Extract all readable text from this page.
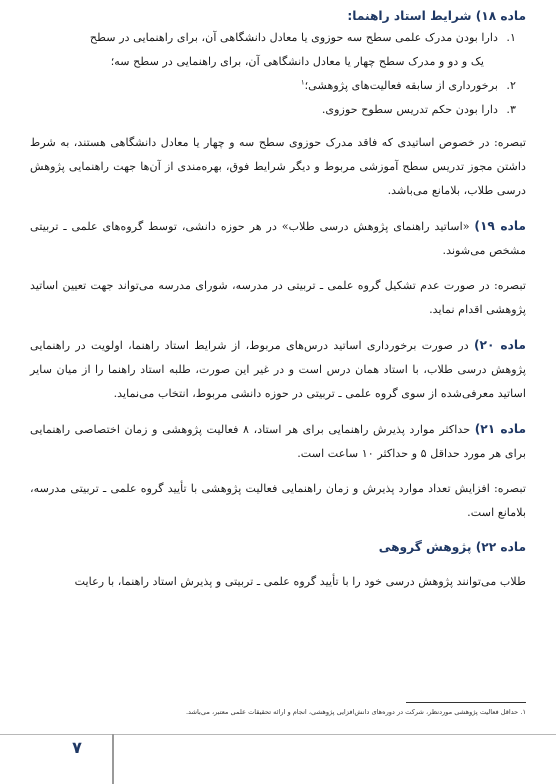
ماده ۱۸) شرایط استاد راهنما:
۱.
دارا بودن مدرک علمی سطح سه حوزوی یا معادل دانشگاهی آن، برای راهنمایی در سطح
یک و دو و مدرک سطح چهار یا معادل دانشگاهی آن، برای راهنمایی در سطح سه؛
۲.
برخورداری از سابقه فعالیت‌های پژوهشی؛$^۱$
۳.
دارا بودن حکم تدریس سطوح حوزوی.

تبصره: در خصوص اساتیدی که فاقد مدرک حوزوی سطح سه و چهار یا معادل دانشگاهی هستند، به شرط داشتن مجوز تدریس سطح آموزشی مربوط و دیگر شرایط فوق، بهره‌مندی از آن‌ها جهت راهنمایی پژوهش درسی طلاب، بلامانع می‌باشد.

ماده ۱۹) «اساتید راهنمای پژوهش درسی طلاب» در هر حوزه دانشی، توسط گروه‌های علمی ـ تربیتی مشخص می‌شوند.

تبصره: در صورت عدم تشکیل گروه علمی ـ تربیتی در مدرسه، شورای مدرسه می‌تواند جهت تعیین اساتید پژوهشی اقدام نماید.

ماده ۲۰) در صورت برخورداری اساتید درس‌های مربوط، از شرایط استاد راهنما، اولویت در راهنمایی پژوهش درسی طلاب، با استاد همان درس است و در غیر این صورت، طلبه استاد راهنما را از میان سایر اساتید معرفی‌شده از سوی گروه علمی ـ تربیتی در حوزه دانشی مربوط، انتخاب می‌نماید.

ماده ۲۱) حداکثر موارد پذیرش راهنمایی برای هر استاد، ۸ فعالیت پژوهشی و زمان اختصاصی راهنمایی برای هر مورد حداقل ۵ و حداکثر ۱۰ ساعت است.

تبصره: افزایش تعداد موارد پذیرش و زمان راهنمایی فعالیت پژوهشی با تأیید گروه علمی ـ تربیتی مدرسه، بلامانع است.

ماده ۲۲) پژوهش گروهی

طلاب می‌توانند پژوهش درسی خود را با تأیید گروه علمی ـ تربیتی و پذیرش استاد راهنما، با رعایت

۱. حداقل فعالیت پژوهشی موردنظر، شرکت در دوره‌های دانش‌افزایی پژوهشی، انجام و ارائه تحقیقات علمی معتبر، می‌باشد.
۷
